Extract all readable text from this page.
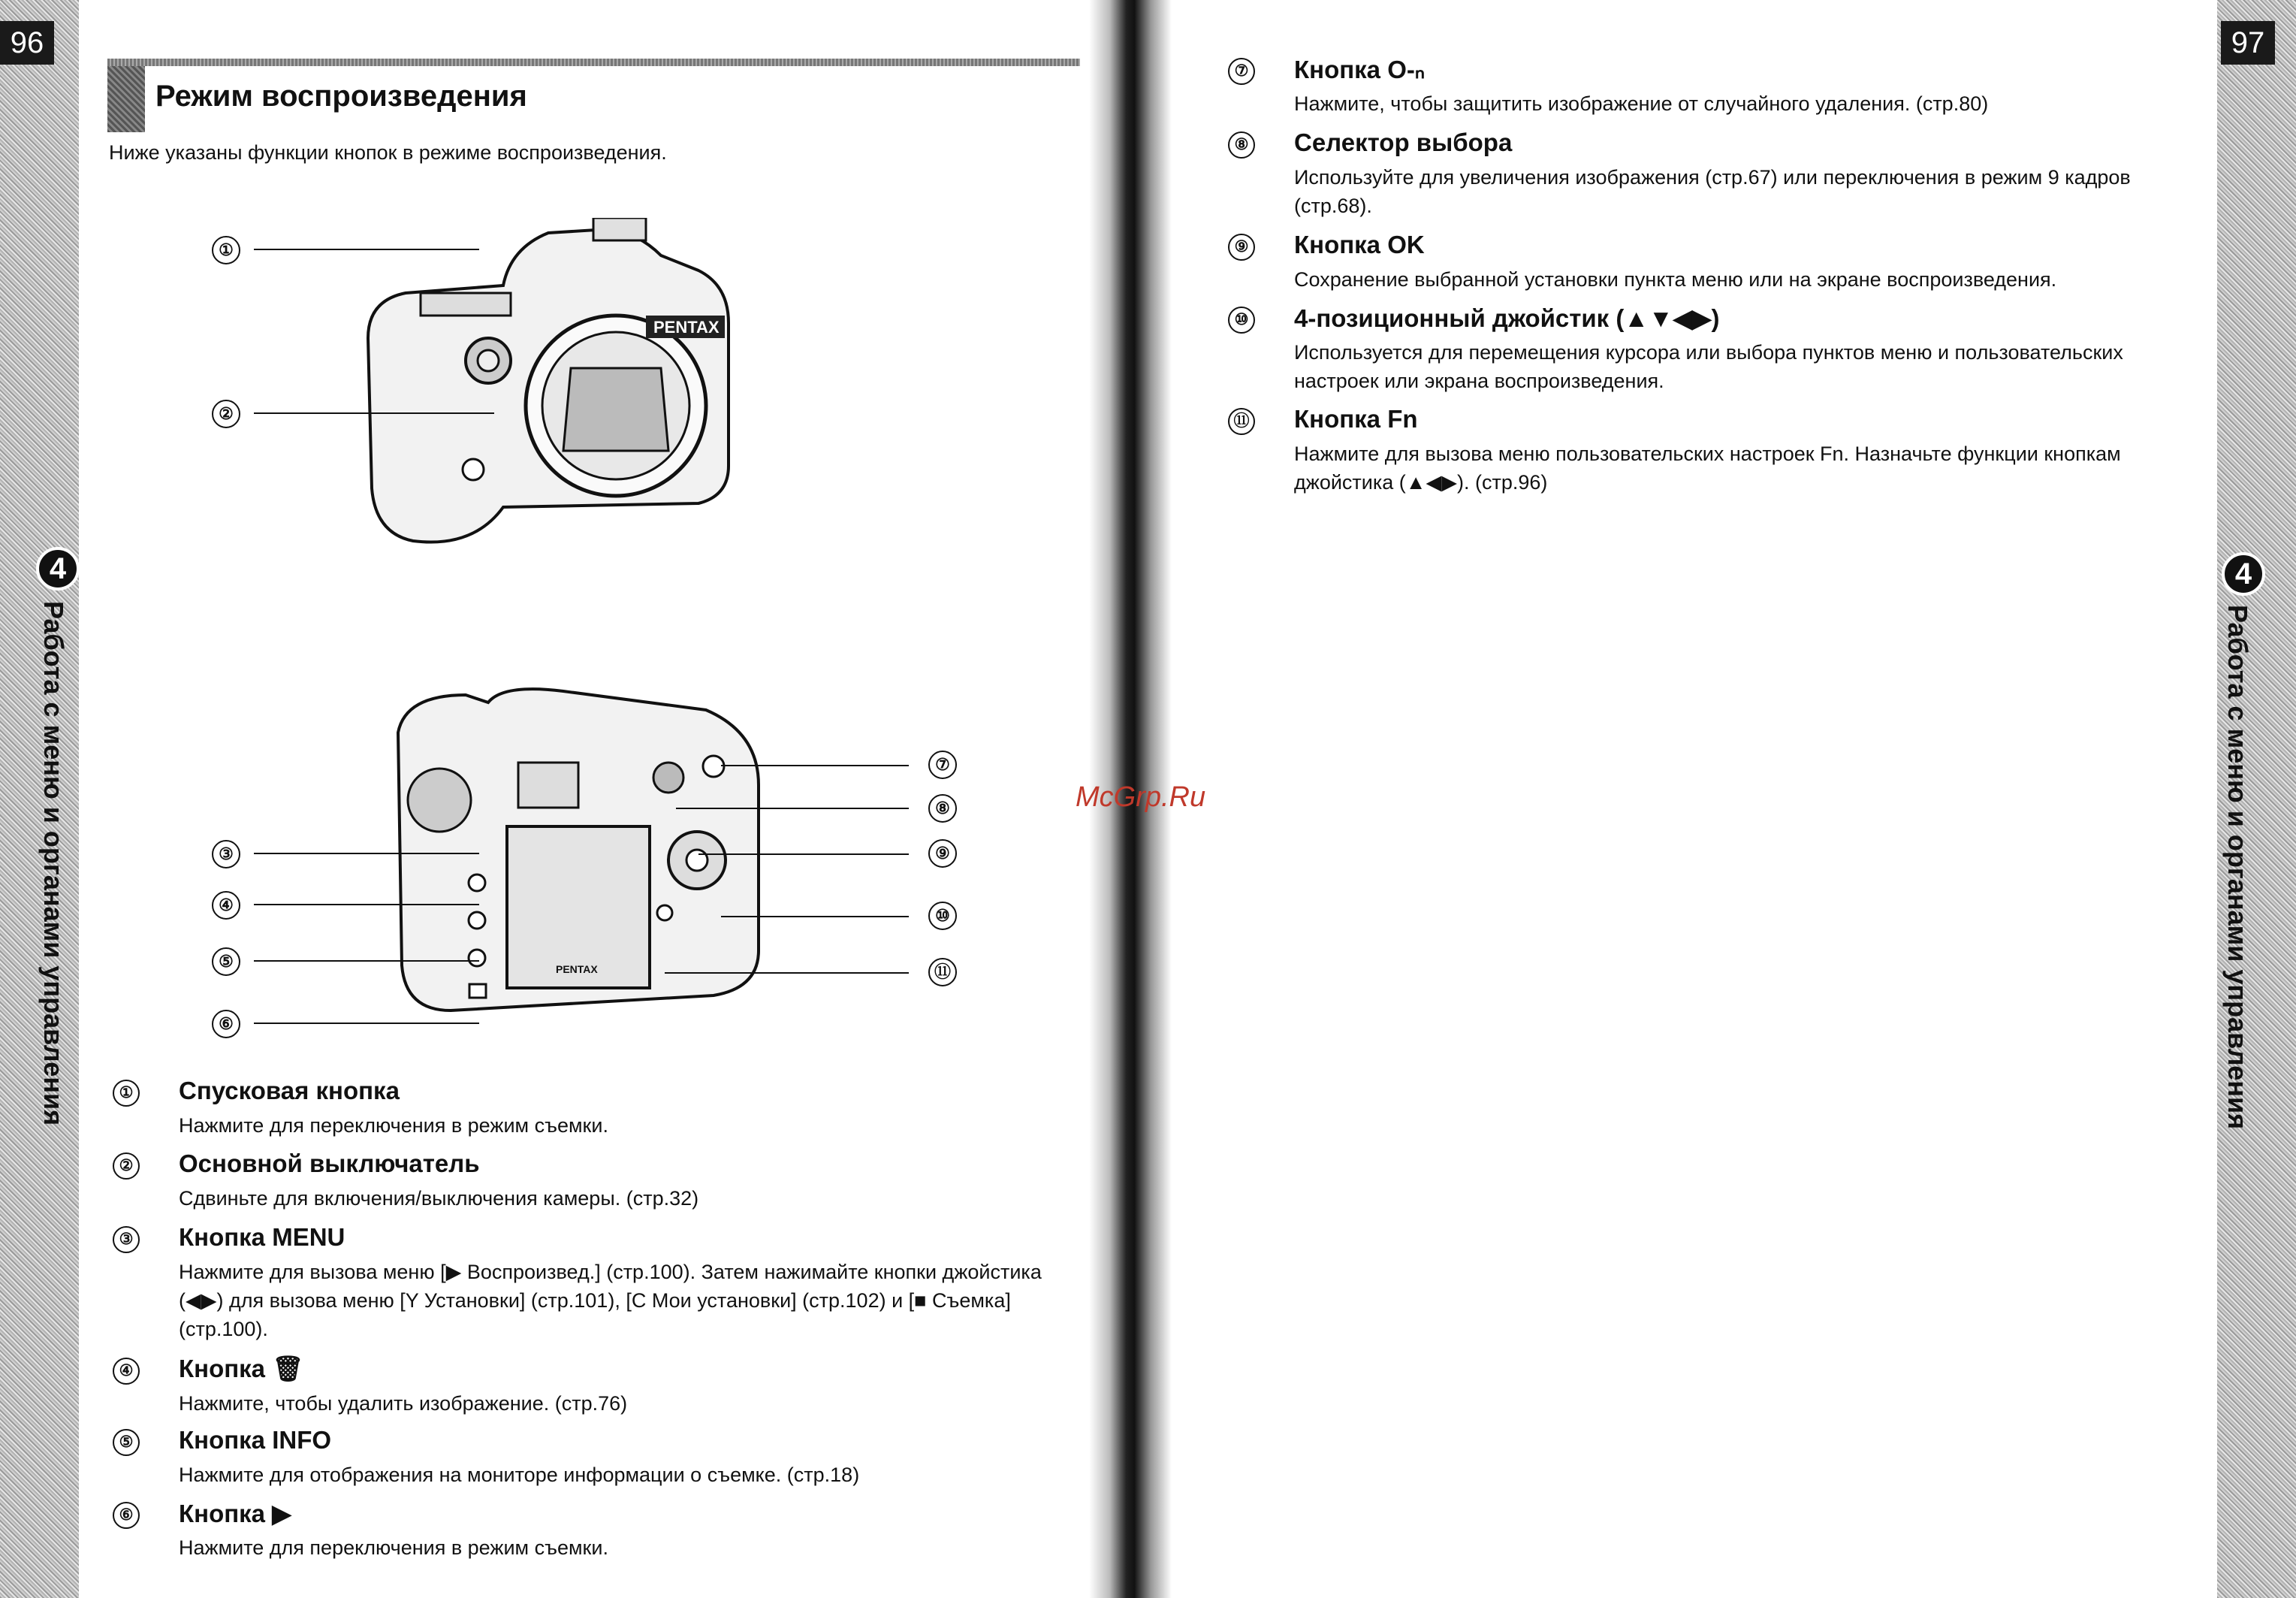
96
4
Работа с меню и органами управления
Режим воспроизведения
Ниже указаны функции кнопок в режиме воспроизведения.
PENTAX
①
②
PENTAX
③
④
⑤
⑥
⑦
⑧
⑨
⑩
⑪
① Спусковая кнопка
Нажмите для переключения в режим съемки.
② Основной выключатель
Сдвиньте для включения/выключения камеры. (стр.32)
③ Кнопка MENU
Нажмите для вызова меню [▶ Воспроизвед.] (стр.100). Затем нажимайте кнопки джойстика (◀▶) для вызова меню [Y Установки] (стр.101), [C Мои установки] (стр.102) и [■ Съемка] (стр.100).
④ Кнопка 🗑
Нажмите, чтобы удалить изображение. (стр.76)
⑤ Кнопка INFO
Нажмите для отображения на мониторе информации о съемке. (стр.18)
⑥ Кнопка ▶
Нажмите для переключения в режим съемки.
McGrp.Ru
97
4
Работа с меню и органами управления
⑦ Кнопка O‑ₙ
Нажмите, чтобы защитить изображение от случайного удаления. (стр.80)
⑧ Селектор выбора
Используйте для увеличения изображения (стр.67) или переключения в режим 9 кадров (стр.68).
⑨ Кнопка OK
Сохранение выбранной установки пункта меню или на экране воспроизведения.
⑩ 4-позиционный джойстик (▲▼◀▶)
Используется для перемещения курсора или выбора пунктов меню и пользовательских настроек или экрана воспроизведения.
⑪ Кнопка Fn
Нажмите для вызова меню пользовательских настроек Fn. Назначьте функции кнопкам джойстика (▲◀▶). (стр.96)
